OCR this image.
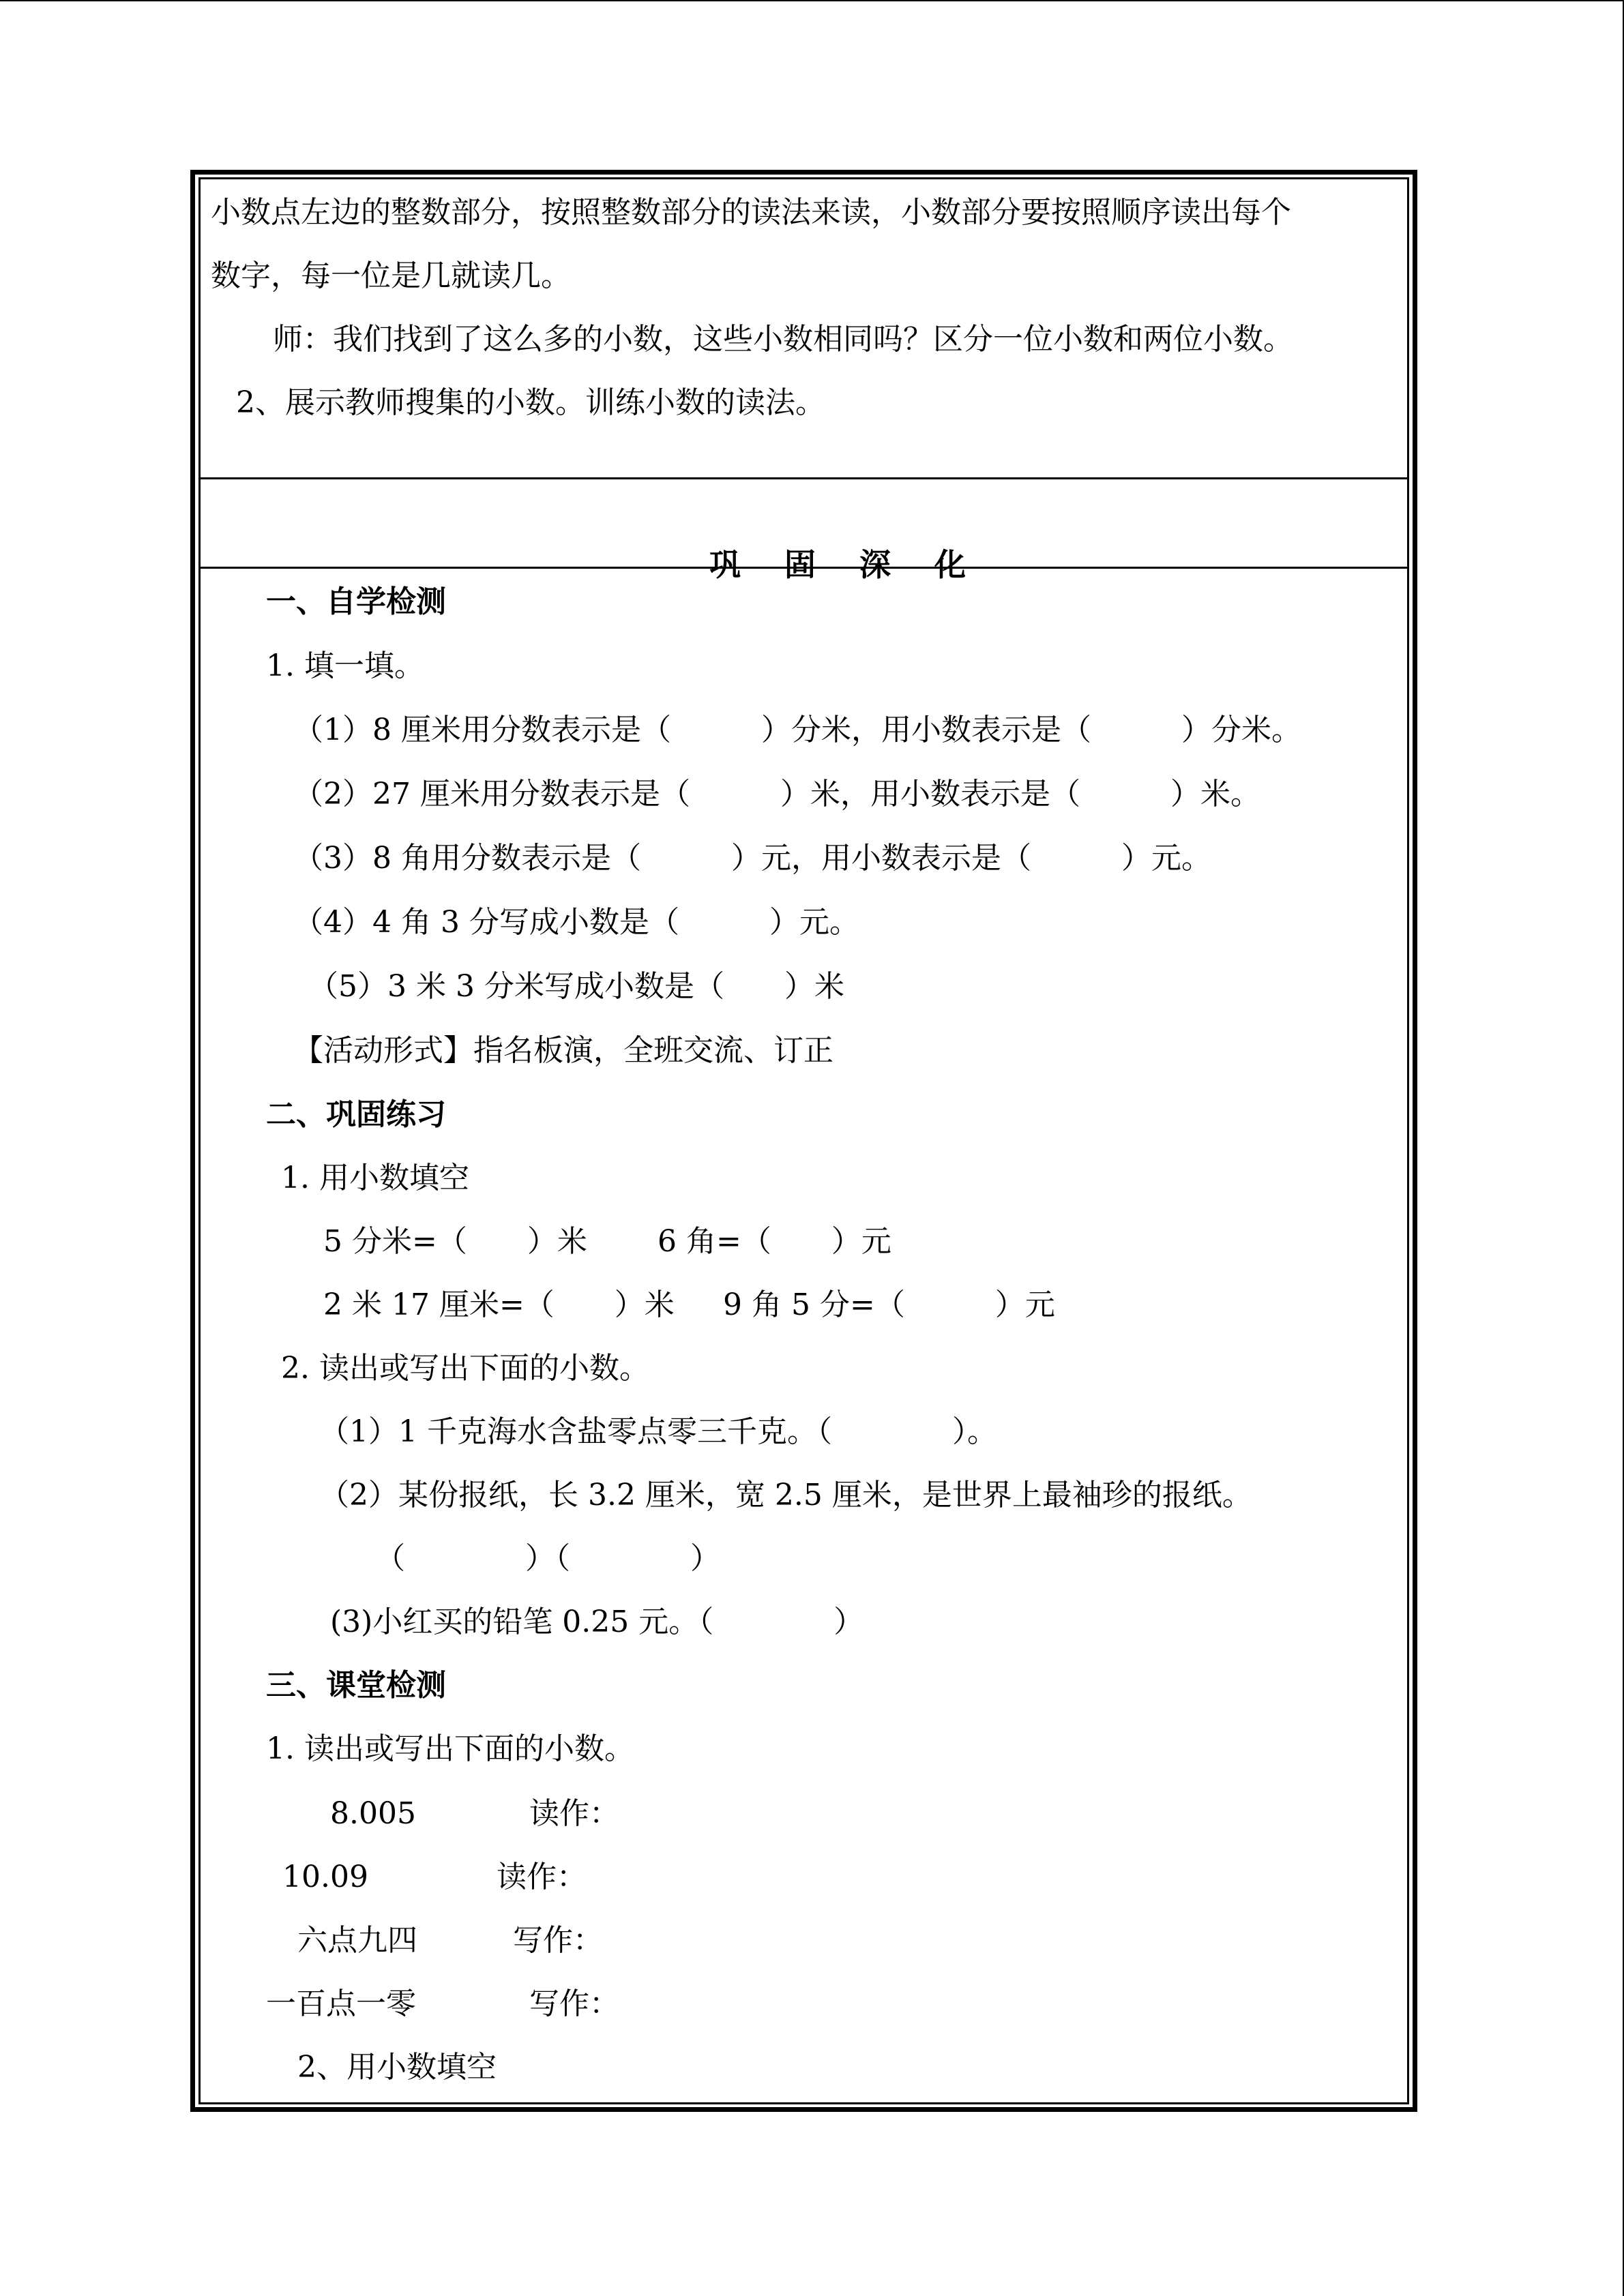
小数点左边的整数部分，按照整数部分的读法来读，小数部分要按照顺序读出每个
数字，每一位是几就读几。
师：我们找到了这么多的小数，这些小数相同吗？区分一位小数和两位小数。
2、展示教师搜集的小数。训练小数的读法。

巩 固 深 化

一、自学检测
1. 填一填。
（1）8 厘米用分数表示是（　　　）分米，用小数表示是（　　　）分米。
（2）27 厘米用分数表示是（　　　）米，用小数表示是（　　　）米。
（3）8 角用分数表示是（　　　）元，用小数表示是（　　　）元。
（4）4 角 3 分写成小数是（　　　）元。
（5）3 米 3 分米写成小数是（　　）米
【活动形式】指名板演，全班交流、订正
二、巩固练习
1. 用小数填空
5 分米=（　　）米 6 角=（　　）元
2 米 17 厘米=（　　）米 9 角 5 分=（　　　）元
2. 读出或写出下面的小数。
（1）1 千克海水含盐零点零三千克。（　　　　）。
（2）某份报纸，长 3.2 厘米，宽 2.5 厘米，是世界上最袖珍的报纸。
（　　　　）（　　　　）
(3)小红买的铅笔 0.25 元。（　　　　）
三、课堂检测
1. 读出或写出下面的小数。
8.005	读作：
10.09	读作：
六点九四	写作：
一百点一零	写作：
2、用小数填空
